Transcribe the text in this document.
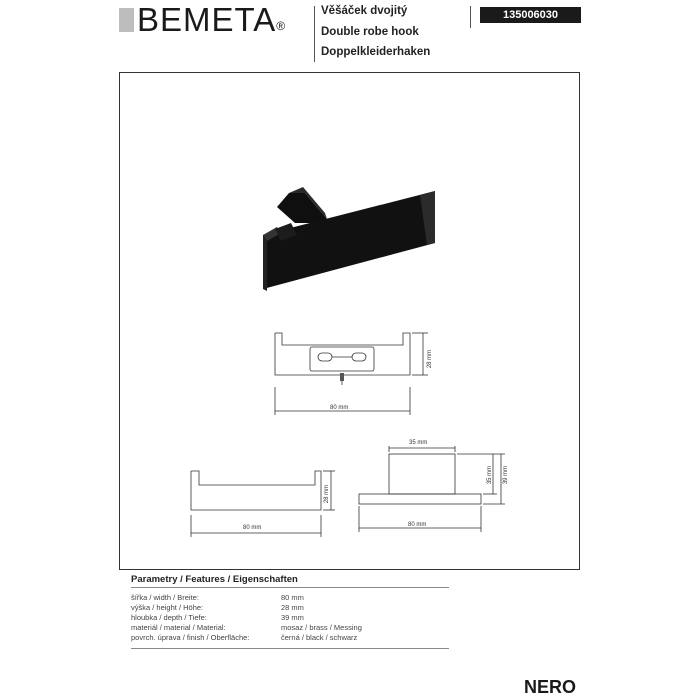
BEMETA®
Věšáček dvojitý
Double robe hook
Doppelkleiderhaken
135006030
80 mm
28 mm
80 mm
28 mm
35 mm
80 mm
35 mm 39 mm
Parametry / Features / Eigenschaften
šířka / width / Breite:	80 mm
výška / height / Höhe:	28 mm
hloubka / depth / Tiefe:	39 mm
materiál / material / Material:	mosaz / brass / Messing
povrch. úprava / finish / Oberfläche:	černá / black / schwarz
NERO
